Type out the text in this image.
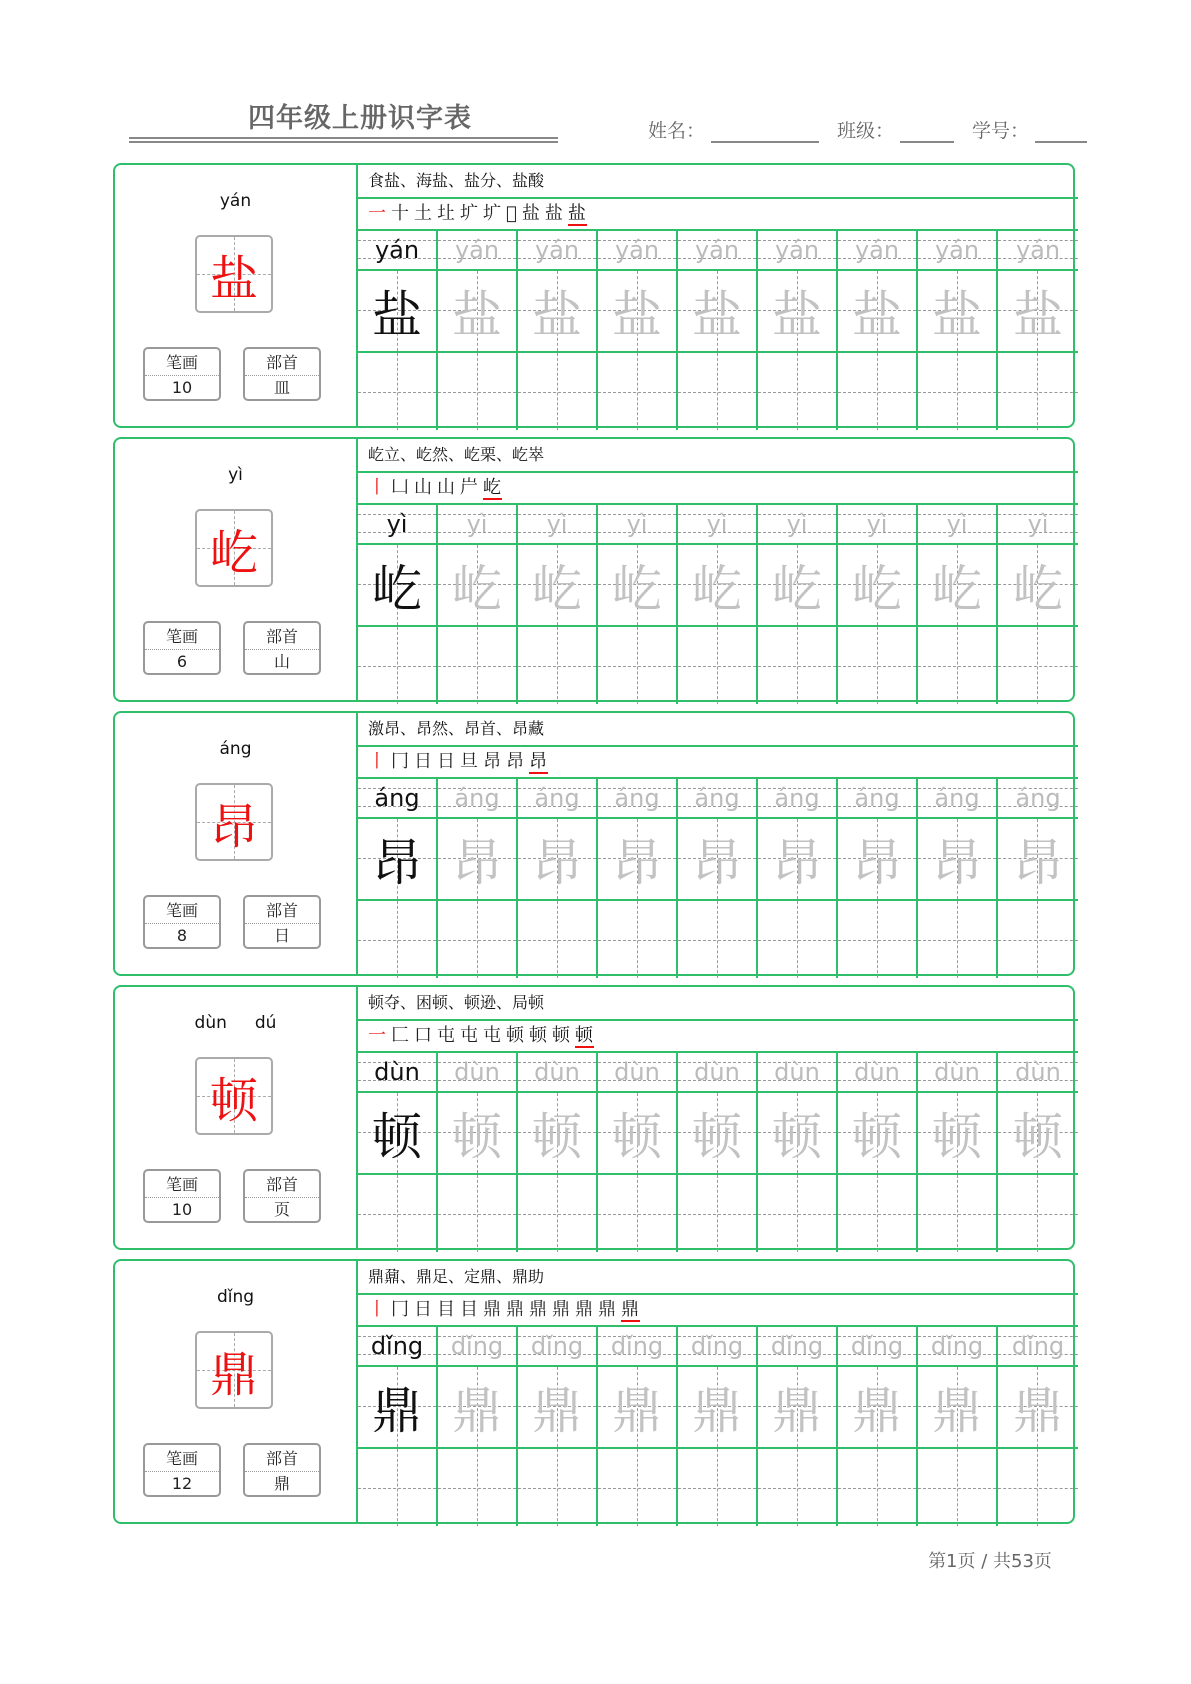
四年级上册识字表	姓名：	班级：	学号：
yán
盐
笔画
10
部首
皿
食盐、海盐、盐分、盐酸
一 十 土 圵 圹 圹 𡉉 盐 盐 盐
yán	yán	yán	yán	yán	yán	yán	yán	yán
盐 盐 盐 盐 盐 盐 盐 盐 盐
yì
屹
笔画
6
部首
山
屹立、屹然、屹栗、屹崒
丨 凵 山 山 屵 屹
yì	yì	yì	yì	yì	yì	yì	yì	yì
屹 屹 屹 屹 屹 屹 屹 屹 屹
áng
昂
笔画
8
部首
日
激昂、昂然、昂首、昂藏
丨 冂 日 日 旦 昂 昂 昂
áng	áng	áng	áng	áng	áng	áng	áng	áng
昂 昂 昂 昂 昂 昂 昂 昂 昂
dùn dú
顿
笔画
10
部首
页
顿夺、困顿、顿逊、局顿
一 匚 口 屯 屯 屯 顿 顿 顿 顿
dùn	dùn	dùn	dùn	dùn	dùn	dùn	dùn	dùn
顿 顿 顿 顿 顿 顿 顿 顿 顿
dǐng
鼎
笔画
12
部首
鼎
鼎鼐、鼎足、定鼎、鼎助
丨 冂 日 目 目 鼎 鼎 鼎 鼎 鼎 鼎 鼎
dǐng	dǐng	dǐng	dǐng	dǐng	dǐng	dǐng	dǐng	dǐng
鼎 鼎 鼎 鼎 鼎 鼎 鼎 鼎 鼎
第1页 / 共53页
